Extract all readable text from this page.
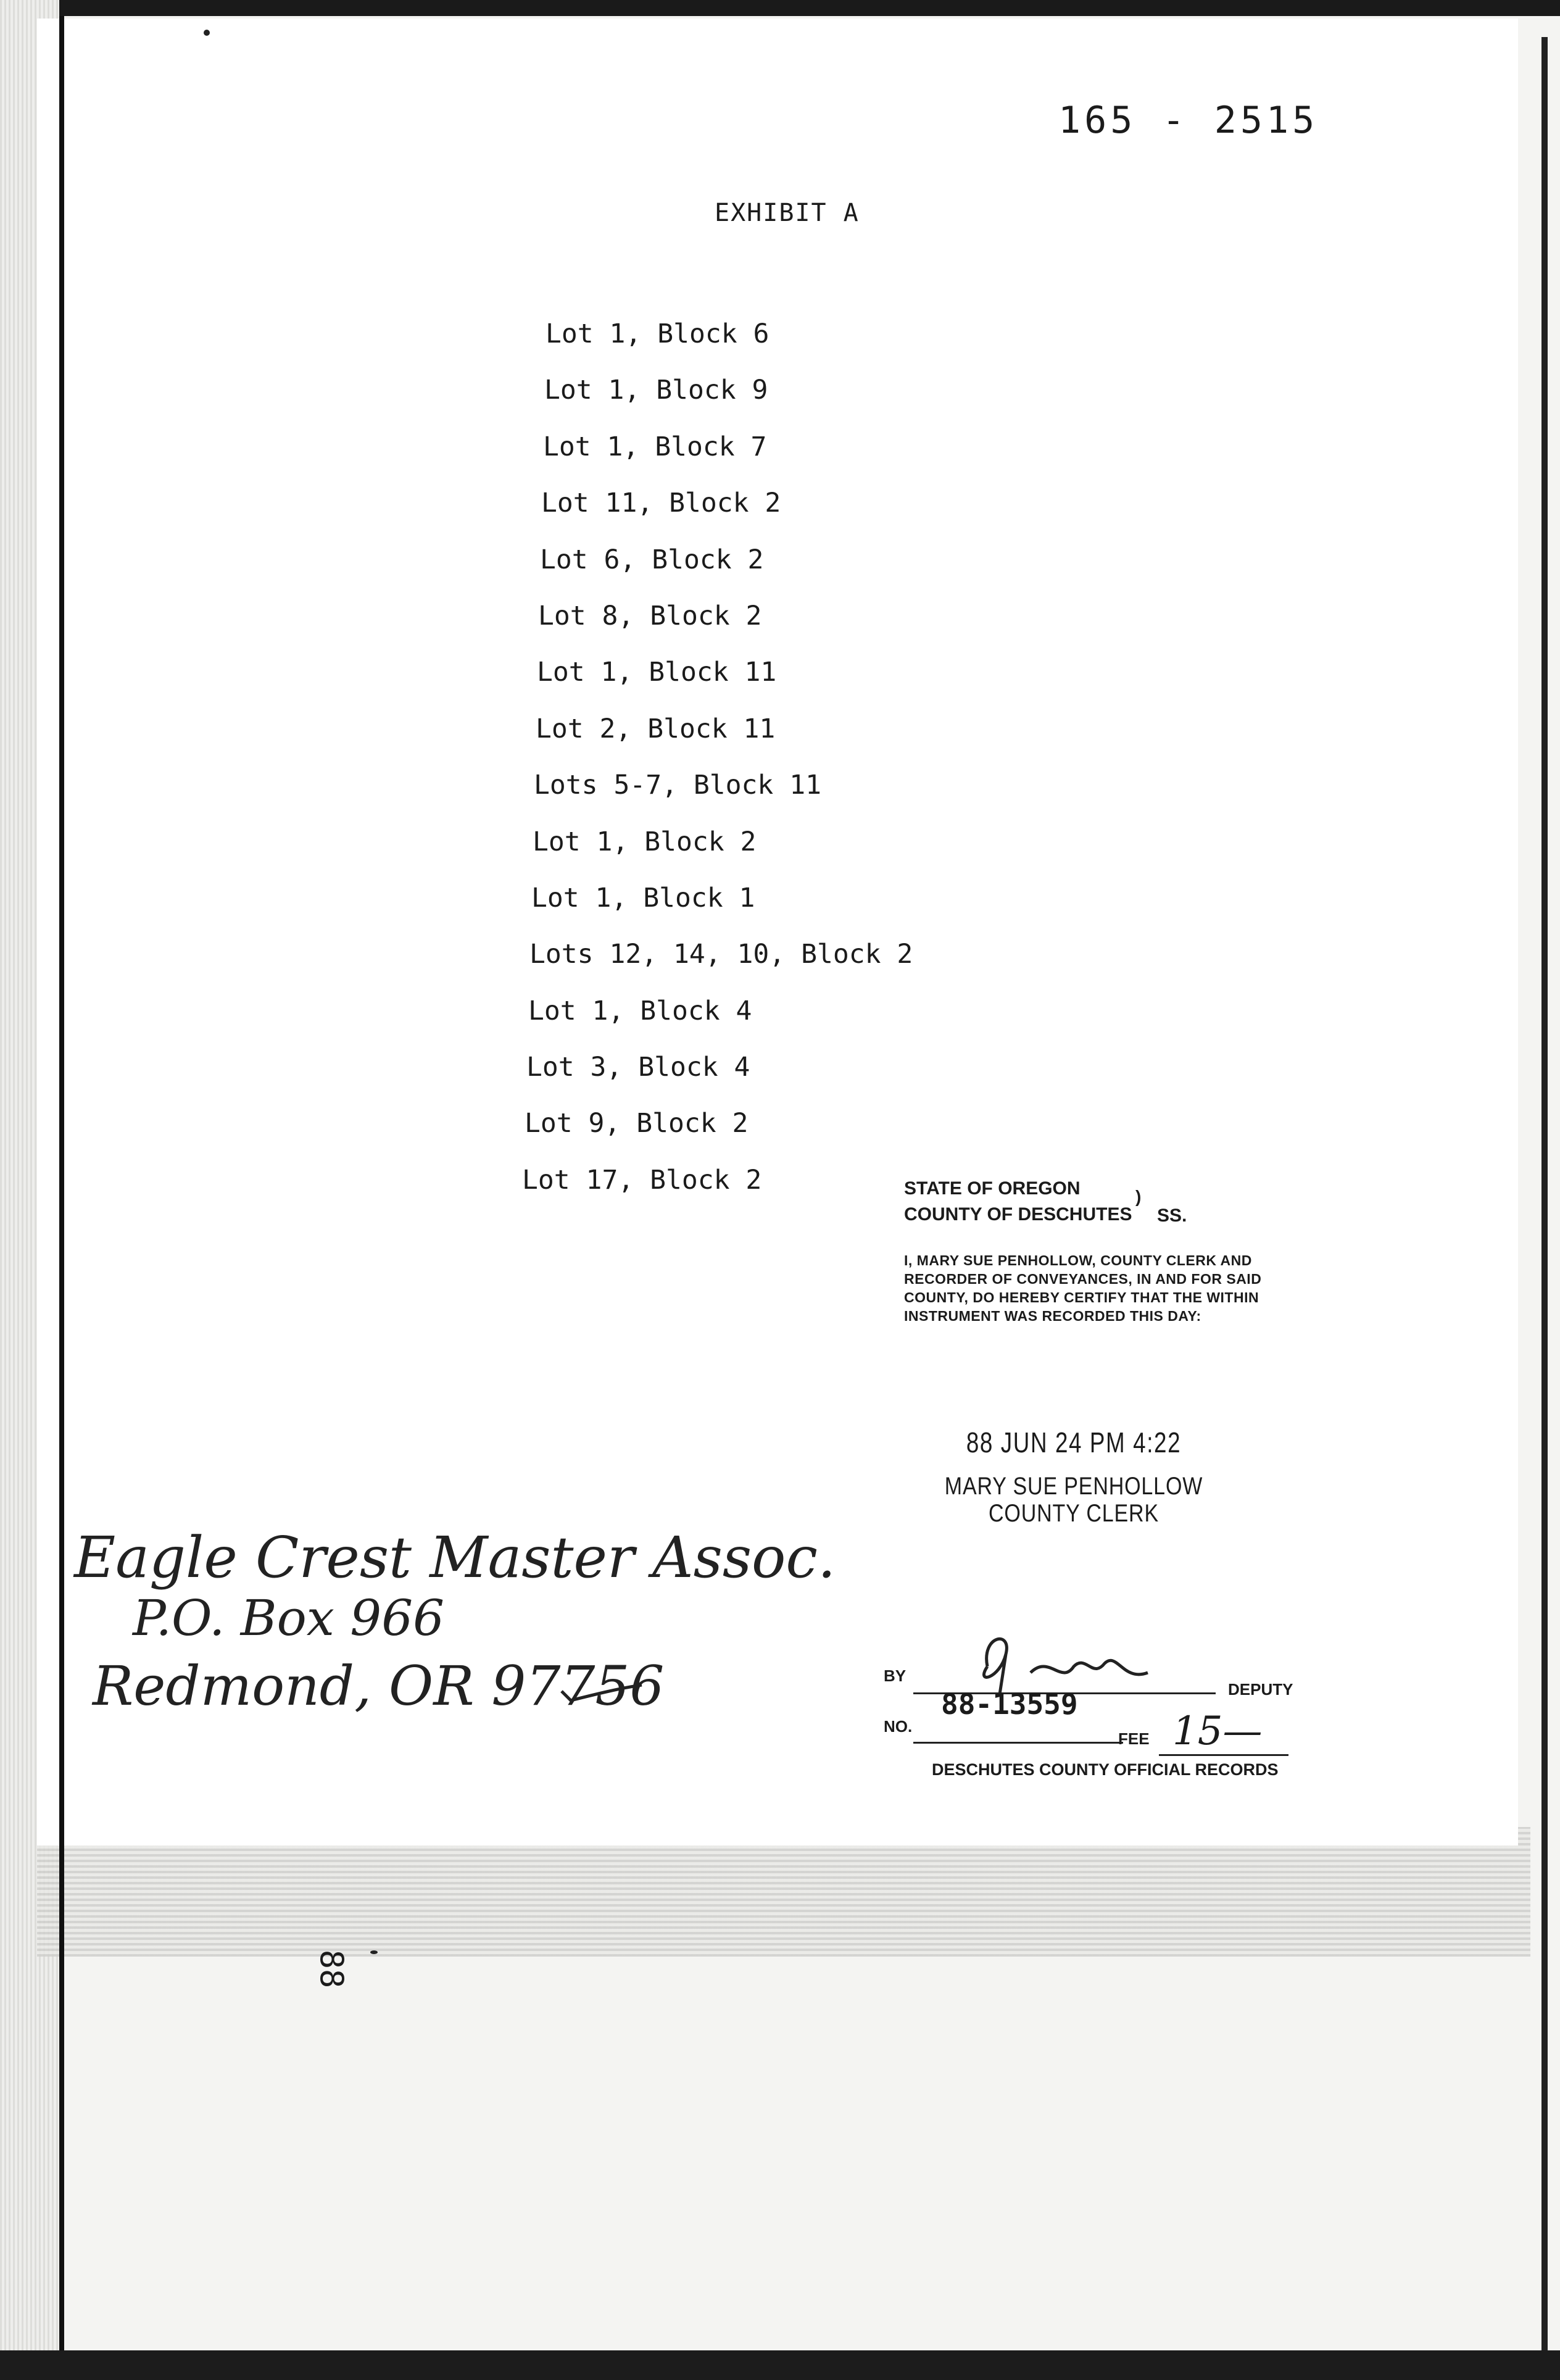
165 - 2515
EXHIBIT A
Lot 1, Block 6
Lot 1, Block 9
Lot 1, Block 7
Lot 11, Block 2
Lot 6, Block 2
Lot 8, Block 2
Lot 1, Block 11
Lot 2, Block 11
Lots 5-7, Block 11
Lot 1, Block 2
Lot 1, Block 1
Lots 12, 14, 10, Block 2
Lot 1, Block 4
Lot 3, Block 4
Lot 9, Block 2
Lot 17, Block 2	STATE OF OREGON
COUNTY OF DESCHUTES
)
SS.
I, MARY SUE PENHOLLOW, COUNTY CLERK AND RECORDER OF CONVEYANCES, IN AND FOR SAID COUNTY, DO HEREBY CERTIFY THAT THE WITHIN INSTRUMENT WAS RECORDED THIS DAY:
88 JUN 24 PM 4:22
MARY SUE PENHOLLOW
COUNTY CLERK
BY
DEPUTY
88-13559
NO.
FEE 15—
DESCHUTES COUNTY OFFICIAL RECORDS
Eagle Crest Master Assoc.
P.O. Box 966
Redmond, OR 97756
88
